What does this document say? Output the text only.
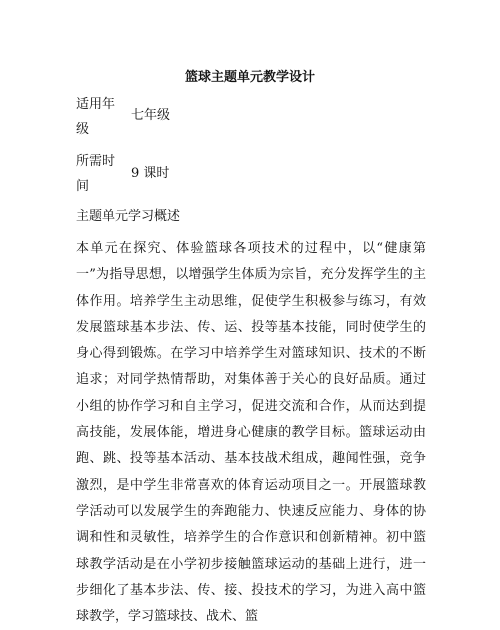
篮球主题单元教学设计
适用年级
七年级
所需时间
9 课时
主题单元学习概述

本单元在探究、体验篮球各项技术的过程中，以“健康第一”为指导思想，以增强学生体质为宗旨，充分发挥学生的主体作用。培养学生主动思维，促使学生积极参与练习，有效发展篮球基本步法、传、运、投等基本技能，同时使学生的身心得到锻炼。在学习中培养学生对篮球知识、技术的不断追求；对同学热情帮助，对集体善于关心的良好品质。通过小组的协作学习和自主学习，促进交流和合作，从而达到提高技能，发展体能，增进身心健康的教学目标。篮球运动由跑、跳、投等基本活动、基本技战术组成，趣闻性强，竞争激烈，是中学生非常喜欢的体育运动项目之一。开展篮球教学活动可以发展学生的奔跑能力、快速反应能力、身体的协调和性和灵敏性，培养学生的合作意识和创新精神。初中篮球教学活动是在小学初步接触篮球运动的基础上进行，进一步细化了基本步法、传、接、投技术的学习，为进入高中篮球教学，学习篮球技、战术、篮
